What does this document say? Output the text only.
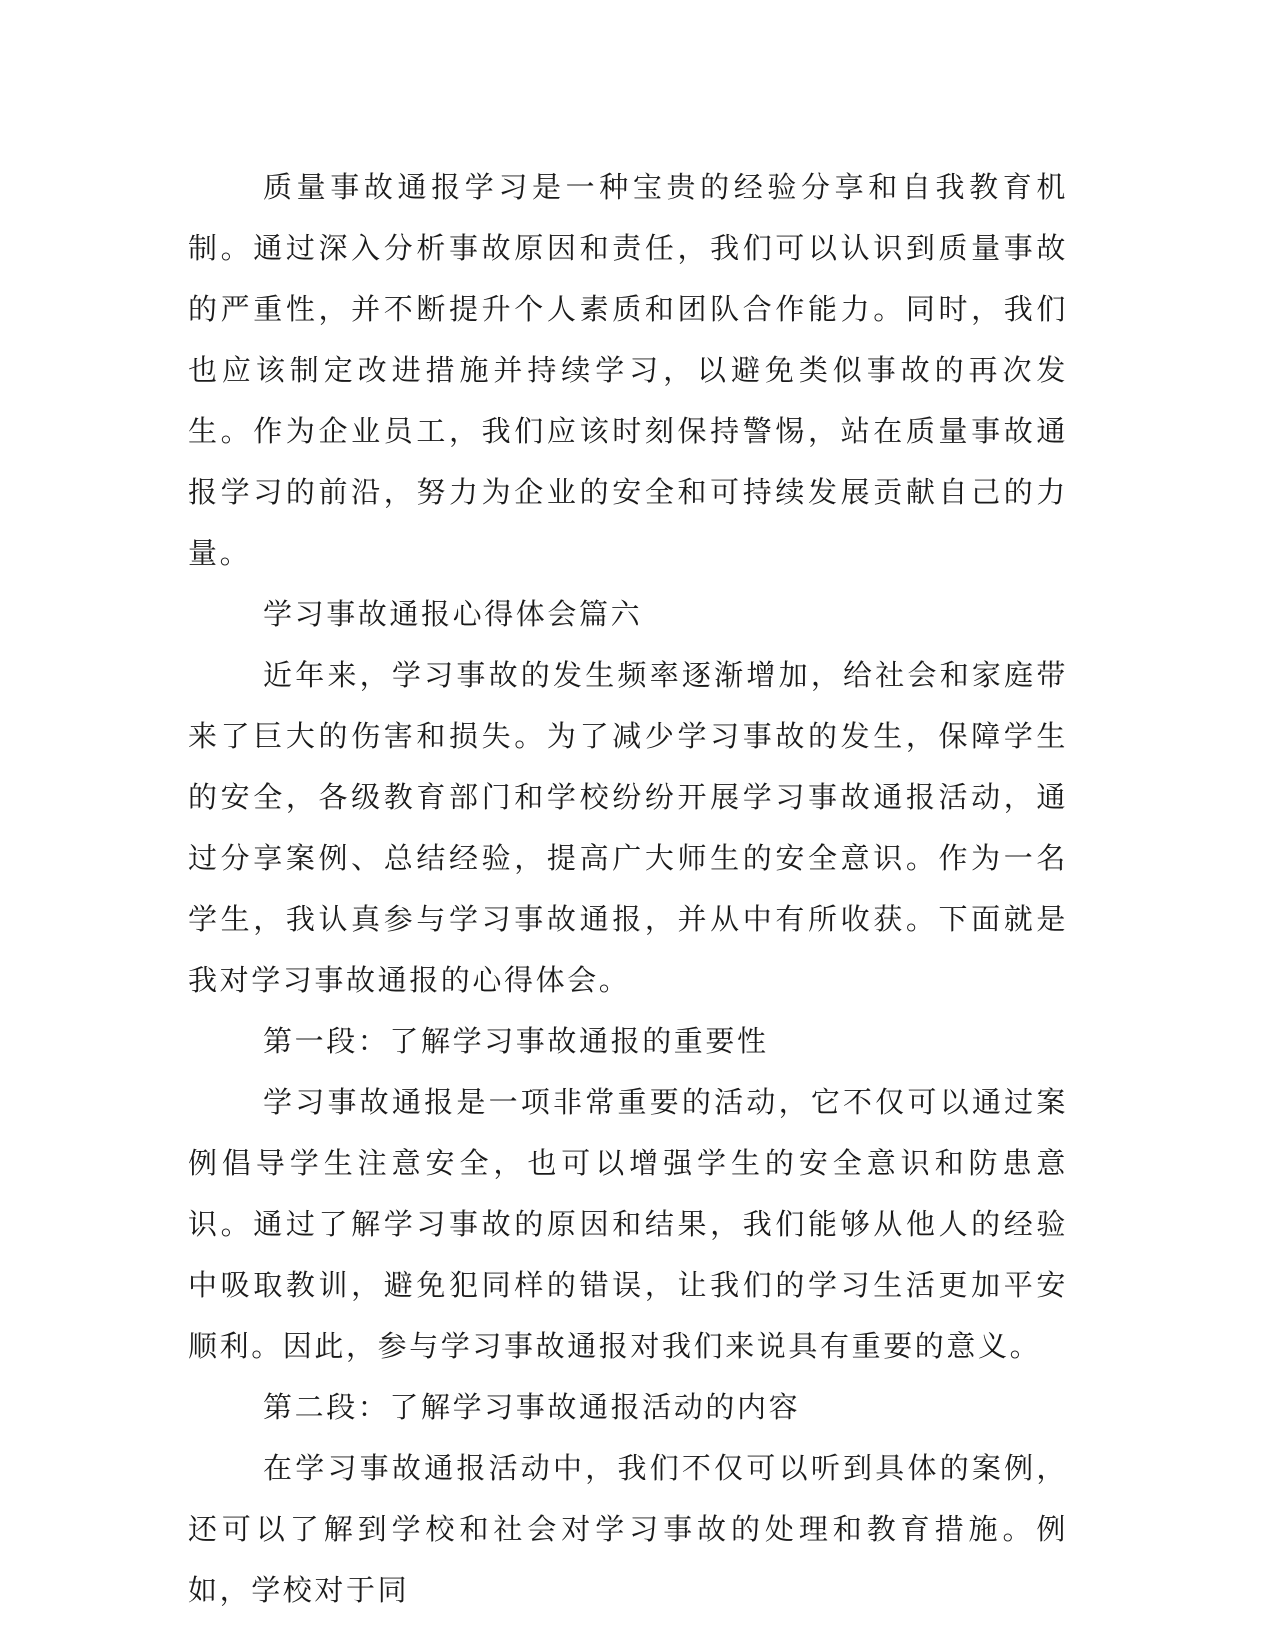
质量事故通报学习是一种宝贵的经验分享和自我教育机制。通过深入分析事故原因和责任，我们可以认识到质量事故的严重性，并不断提升个人素质和团队合作能力。同时，我们也应该制定改进措施并持续学习，以避免类似事故的再次发生。作为企业员工，我们应该时刻保持警惕，站在质量事故通报学习的前沿，努力为企业的安全和可持续发展贡献自己的力量。

学习事故通报心得体会篇六

近年来，学习事故的发生频率逐渐增加，给社会和家庭带来了巨大的伤害和损失。为了减少学习事故的发生，保障学生的安全，各级教育部门和学校纷纷开展学习事故通报活动，通过分享案例、总结经验，提高广大师生的安全意识。作为一名学生，我认真参与学习事故通报，并从中有所收获。下面就是我对学习事故通报的心得体会。

第一段：了解学习事故通报的重要性

学习事故通报是一项非常重要的活动，它不仅可以通过案例倡导学生注意安全，也可以增强学生的安全意识和防患意识。通过了解学习事故的原因和结果，我们能够从他人的经验中吸取教训，避免犯同样的错误，让我们的学习生活更加平安顺利。因此，参与学习事故通报对我们来说具有重要的意义。

第二段：了解学习事故通报活动的内容

在学习事故通报活动中，我们不仅可以听到具体的案例，还可以了解到学校和社会对学习事故的处理和教育措施。例如，学校对于同
